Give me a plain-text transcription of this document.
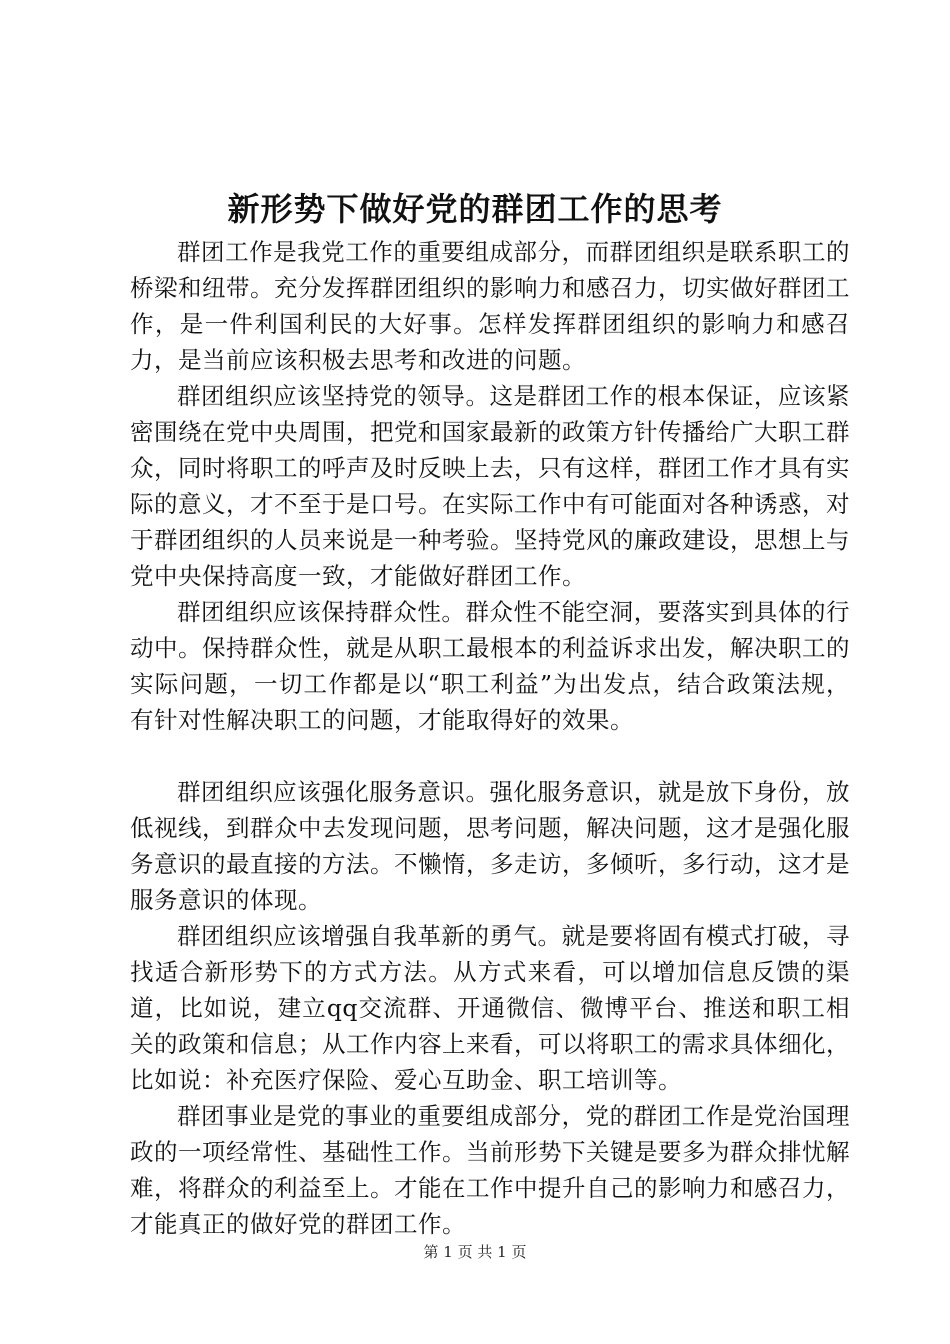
新形势下做好党的群团工作的思考

群团工作是我党工作的重要组成部分，而群团组织是联系职工的桥梁和纽带。充分发挥群团组织的影响力和感召力，切实做好群团工作，是一件利国利民的大好事。怎样发挥群团组织的影响力和感召力，是当前应该积极去思考和改进的问题。

群团组织应该坚持党的领导。这是群团工作的根本保证，应该紧密围绕在党中央周围，把党和国家最新的政策方针传播给广大职工群众，同时将职工的呼声及时反映上去，只有这样，群团工作才具有实际的意义，才不至于是口号。在实际工作中有可能面对各种诱惑，对于群团组织的人员来说是一种考验。坚持党风的廉政建设，思想上与党中央保持高度一致，才能做好群团工作。

群团组织应该保持群众性。群众性不能空洞，要落实到具体的行动中。保持群众性，就是从职工最根本的利益诉求出发，解决职工的实际问题，一切工作都是以“职工利益”为出发点，结合政策法规，有针对性解决职工的问题，才能取得好的效果。

群团组织应该强化服务意识。强化服务意识，就是放下身份，放低视线，到群众中去发现问题，思考问题，解决问题，这才是强化服务意识的最直接的方法。不懒惰，多走访，多倾听，多行动，这才是服务意识的体现。

群团组织应该增强自我革新的勇气。就是要将固有模式打破，寻找适合新形势下的方式方法。从方式来看，可以增加信息反馈的渠道，比如说，建立qq交流群、开通微信、微博平台、推送和职工相关的政策和信息；从工作内容上来看，可以将职工的需求具体细化，比如说：补充医疗保险、爱心互助金、职工培训等。

群团事业是党的事业的重要组成部分，党的群团工作是党治国理政的一项经常性、基础性工作。当前形势下关键是要多为群众排忧解难，将群众的利益至上。才能在工作中提升自己的影响力和感召力，才能真正的做好党的群团工作。

第 1 页 共 1 页
